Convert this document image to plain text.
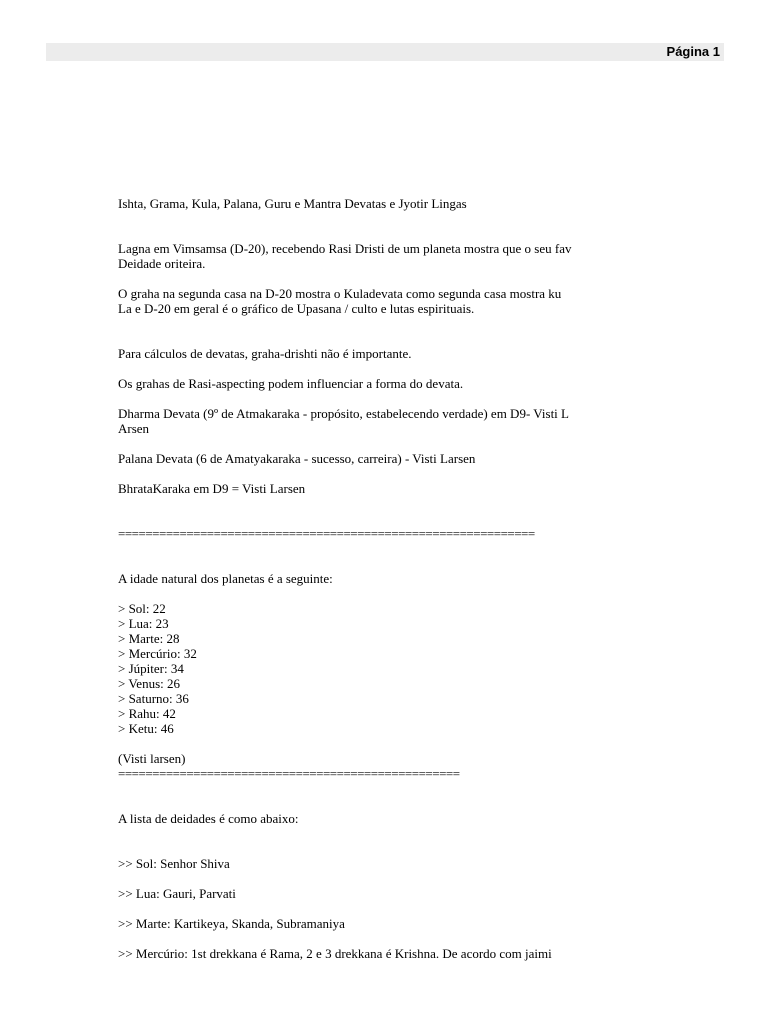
Página 1

Ishta, Grama, Kula, Palana, Guru e Mantra Devatas e Jyotir Lingas

Lagna em Vimsamsa (D-20), recebendo Rasi Dristi de um planeta mostra que o seu fav

Deidade oriteira.

O graha na segunda casa na D-20 mostra o Kuladevata como segunda casa mostra ku

La e D-20 em geral é o gráfico de Upasana / culto e lutas espirituais.

Para cálculos de devatas, graha-drishti não é importante.

Os grahas de Rasi-aspecting podem influenciar a forma do devata.

Dharma Devata (9º de Atmakaraka - propósito, estabelecendo verdade) em D9- Visti L

Arsen

Palana Devata (6 de Amatyakaraka - sucesso, carreira) - Visti Larsen

BhrataKaraka em D9 = Visti Larsen

=============================================================

A idade natural dos planetas é a seguinte:

> Sol: 22

> Lua: 23

> Marte: 28

> Mercúrio: 32

> Júpiter: 34

> Venus: 26

> Saturno: 36

> Rahu: 42

> Ketu: 46

(Visti larsen)

==================================================

A lista de deidades é como abaixo:

>> Sol: Senhor Shiva

>> Lua: Gauri, Parvati

>> Marte: Kartikeya, Skanda, Subramaniya

>> Mercúrio: 1st drekkana é Rama, 2 e 3 drekkana é Krishna. De acordo com jaimi
